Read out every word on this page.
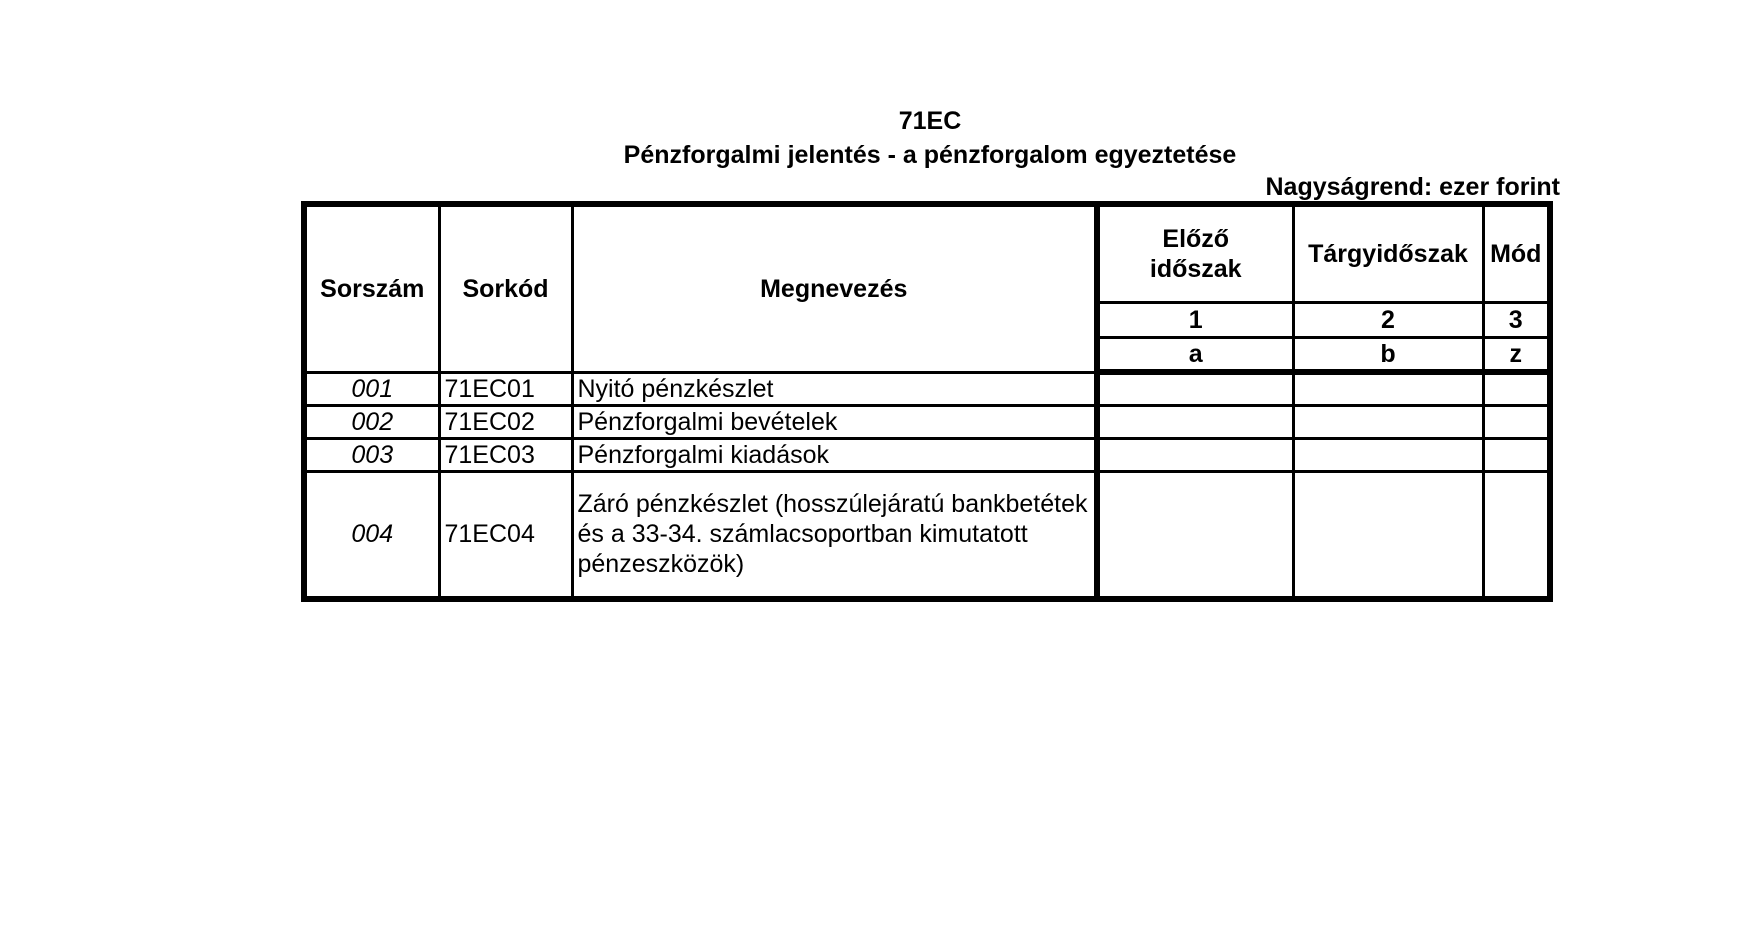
71EC
Pénzforgalmi jelentés - a pénzforgalom egyeztetése
Nagyságrend: ezer forint
Sorszám	Sorkód	Megnevezés	Előző időszak	Tárgyidőszak	Mód
			1	2	3
			a	b	z
001	71EC01	Nyitó pénzkészlet			
002	71EC02	Pénzforgalmi bevételek			
003	71EC03	Pénzforgalmi kiadások			
004	71EC04	Záró pénzkészlet (hosszúlejáratú bankbetétek és a 33-34. számlacsoportban kimutatott pénzeszközök)			
